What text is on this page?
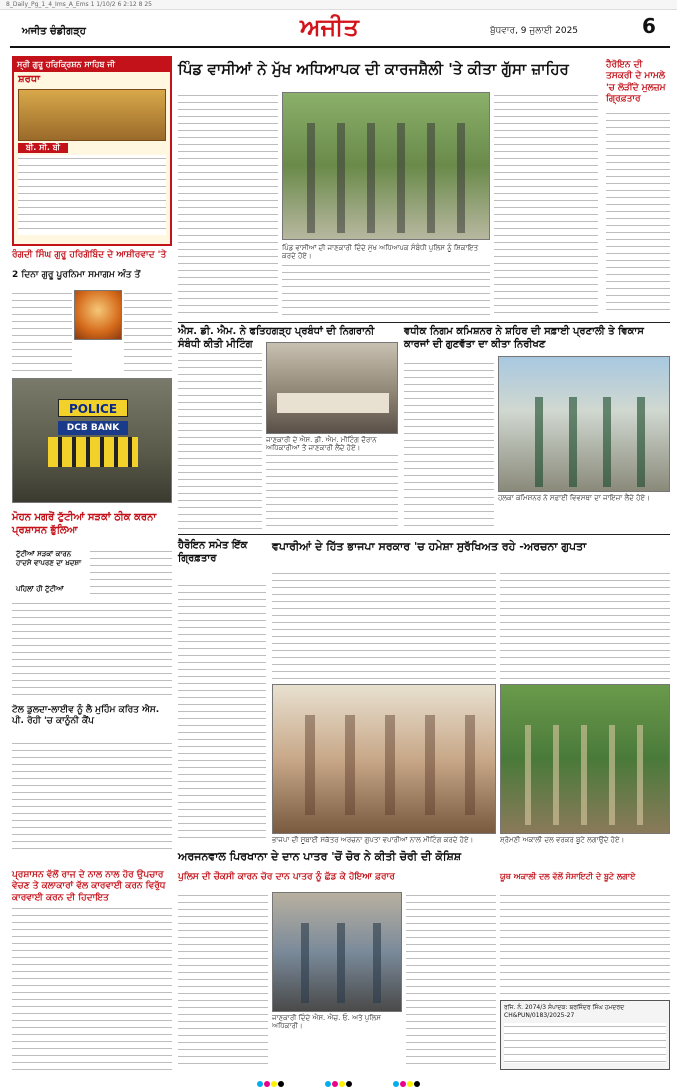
8_Daily_Pg_1_4_Ims_A_Ems 1 1/10/2 6 2:12 8 25
ਅਜੀਤ ਚੰਡੀਗੜ੍ਹ	ਅਜੀਤ	ਬੁੱਧਵਾਰ, 9 ਜੁਲਾਈ 2025	6
ਸ੍ਰੀ ਗੁਰੂ ਹਰਿਕ੍ਰਿਸ਼ਨ ਸਾਹਿਬ ਜੀ
ਸ਼ਰਧਾ
ਬੀ. ਸੀ. ਬੀ
ਰੰਗਦੀ ਸਿੰਘ ਗੁਰੂ ਹਰਿਗੋਬਿੰਦ ਦੇ ਆਸ਼ੀਰਵਾਦ 'ਤੇ
2 ਦਿਨਾ ਗੁਰੂ ਪੂਰਨਿਮਾ ਸਮਾਗਮ ਅੰਤ ਤੋਂ
POLICE
DCB BANK
ਮੋਹਨ ਮਗਰੋਂ ਟੁੱਟੀਆਂ ਸੜਕਾਂ ਠੀਕ ਕਰਨਾ ਪ੍ਰਸ਼ਾਸਨ ਭੁੱਲਿਆ
ਟੁੱਟੀਆਂ ਸੜਕਾਂ ਕਾਰਨ ਹਾਦਸੇ ਵਾਪਰਣ ਦਾ ਖ਼ਦਸ਼ਾ
ਪਹਿਲਾਂ ਹੀ ਟੁੱਟੀਆਂ
ਟੋਲ ਡੁਲਦਾ-ਲਾਈਵ ਨੂੰ ਲੈ ਮੁਹਿੰਮ ਕਰਿਤ ਐਸ. ਪੀ. ਰੋਹੀ 'ਚ ਕਾਨੂੰਨੀ ਕੈਂਪ
ਪਿੰਡ ਵਾਸੀਆਂ ਨੇ ਮੁੱਖ ਅਧਿਆਪਕ ਦੀ ਕਾਰਜਸ਼ੈਲੀ 'ਤੇ ਕੀਤਾ ਗੁੱਸਾ ਜ਼ਾਹਿਰ
ਪਿੰਡ ਵਾਸੀਆਂ ਦੀ ਜਾਣਕਾਰੀ ਦਿੰਦੇ ਮੁੱਖ ਅਧਿਆਪਕ ਸੰਬੰਧੀ ਪੁਲਿਸ ਨੂੰ ਸ਼ਿਕਾਇਤ ਕਰਦੇ ਹੋਏ।
ਹੈਰੋਇਨ ਦੀ ਤਸਕਰੀ ਦੇ ਮਾਮਲੇ 'ਚ ਲੋੜੀਂਦੇ ਮੁਲਜ਼ਮ ਗ੍ਰਿਫ਼ਤਾਰ
ਐਸ. ਡੀ. ਐਮ. ਨੇ ਫਤਿਹਗੜ੍ਹ ਪ੍ਰਬੰਧਾਂ ਦੀ ਨਿਗਰਾਨੀ ਸੰਬੰਧੀ ਕੀਤੀ ਮੀਟਿੰਗ
ਜਾਣਕਾਰੀ ਦੇ ਐਸ. ਡੀ. ਐਮ. ਮੀਟਿੰਗ ਦੌਰਾਨ ਅਧਿਕਾਰੀਆਂ ਤੋਂ ਜਾਣਕਾਰੀ ਲੈਂਦੇ ਹੋਏ।
ਵਧੀਕ ਨਿਗਮ ਕਮਿਸ਼ਨਰ ਨੇ ਸ਼ਹਿਰ ਦੀ ਸਫ਼ਾਈ ਪ੍ਰਣਾਲੀ ਤੇ ਵਿਕਾਸ ਕਾਰਜਾਂ ਦੀ ਗੁਣਵੱਤਾ ਦਾ ਕੀਤਾ ਨਿਰੀਖਣ
ਹਲਕਾ ਕਮਿਸ਼ਨਰ ਨੇ ਸਫ਼ਾਈ ਵਿਵਸਥਾ ਦਾ ਜਾਇਜ਼ਾ ਲੈਂਦੇ ਹੋਏ।
ਹੈਰੋਇਨ ਸਮੇਤ ਇੱਕ ਗ੍ਰਿਫ਼ਤਾਰ
ਵਪਾਰੀਆਂ ਦੇ ਹਿੱਤ ਭਾਜਪਾ ਸਰਕਾਰ 'ਚ ਹਮੇਸ਼ਾ ਸੁਰੱਖਿਅਤ ਰਹੇ -ਅਰਚਨਾ ਗੁਪਤਾ
ਭਾਜਪਾ ਦੀ ਸੂਬਾਈ ਸਕੱਤਰ ਅਰਚਨਾ ਗੁਪਤਾ ਵਪਾਰੀਆਂ ਨਾਲ ਮੀਟਿੰਗ ਕਰਦੇ ਹੋਏ।	ਸ਼੍ਰੋਮਣੀ ਅਕਾਲੀ ਦਲ ਵਰਕਰ ਬੂਟੇ ਲਗਾਉਂਦੇ ਹੋਏ।
ਅਰਜਨਵਾਲ ਪਿਰਖਾਨਾ ਦੇ ਦਾਨ ਪਾਤਰ 'ਚੋਂ ਚੋਰ ਨੇ ਕੀਤੀ ਚੋਰੀ ਦੀ ਕੋਸ਼ਿਸ਼
ਪ੍ਰਸ਼ਾਸਨ ਵੱਲੋਂ ਰਾਜ ਦੇ ਨਾਲ ਨਾਲ ਹੋਰ ਉਪਚਾਰ ਵੇਚਣ ਤੇ ਕਲਾਕਾਰਾਂ ਵੱਲ ਕਾਰਵਾਈ ਕਰਨ ਵਿਰੁੱਧ ਕਾਰਵਾਈ ਕਰਨ ਦੀ ਹਿਦਾਇਤ
ਪੁਲਿਸ ਦੀ ਚੌਕਸੀ ਕਾਰਨ ਚੋਰ ਦਾਨ ਪਾਤਰ ਨੂੰ ਛੱਡ ਕੇ ਹੋਇਆ ਫ਼ਰਾਰ
ਜਾਣਕਾਰੀ ਦਿੰਦੇ ਐਸ. ਐਚ. ਓ. ਅਤੇ ਪੁਲਿਸ ਅਧਿਕਾਰੀ।
ਯੂਥ ਅਕਾਲੀ ਦਲ ਵੱਲੋਂ ਸੋਸਾਇਟੀ ਦੇ ਬੂਟੇ ਲਗਾਏ
ਰਜਿ. ਨੰ. 2074/3 ਸੰਪਾਦਕ: ਬਰਜਿੰਦਰ ਸਿੰਘ ਹਮਦਰਦ CH&PUN/0183/2025-27
